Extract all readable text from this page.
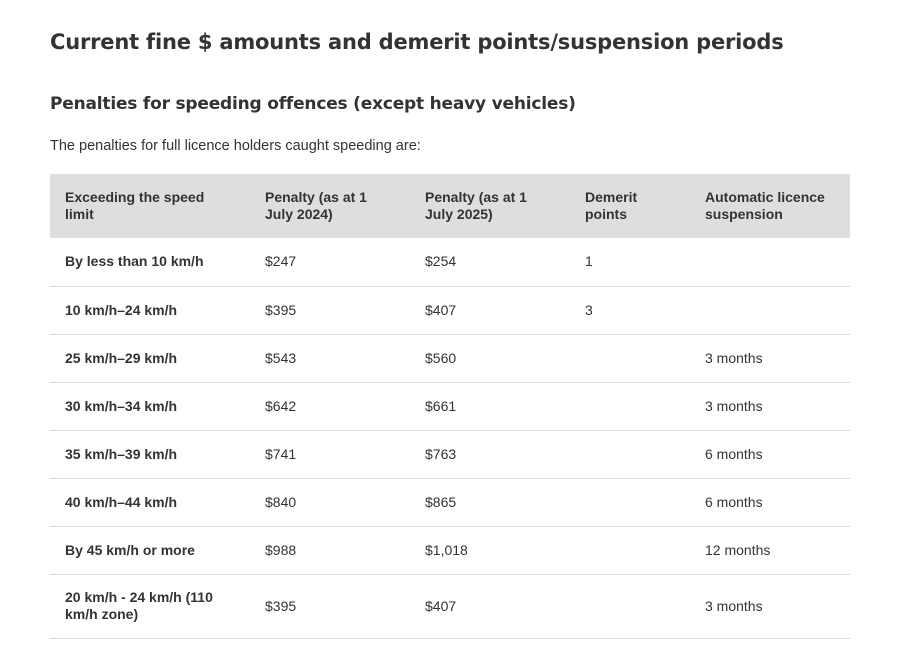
Current fine $ amounts and demerit points/suspension periods
Penalties for speeding offences (except heavy vehicles)

The penalties for full licence holders caught speeding are:

Exceeding the speed limit	Penalty (as at 1 July 2024)	Penalty (as at 1 July 2025)	Demerit points	Automatic licence suspension
By less than 10 km/h	$247	$254	1	
10 km/h–24 km/h	$395	$407	3	
25 km/h–29 km/h	$543	$560		3 months
30 km/h–34 km/h	$642	$661		3 months
35 km/h–39 km/h	$741	$763		6 months
40 km/h–44 km/h	$840	$865		6 months
By 45 km/h or more	$988	$1,018		12 months
20 km/h - 24 km/h (110 km/h zone)	$395	$407		3 months
